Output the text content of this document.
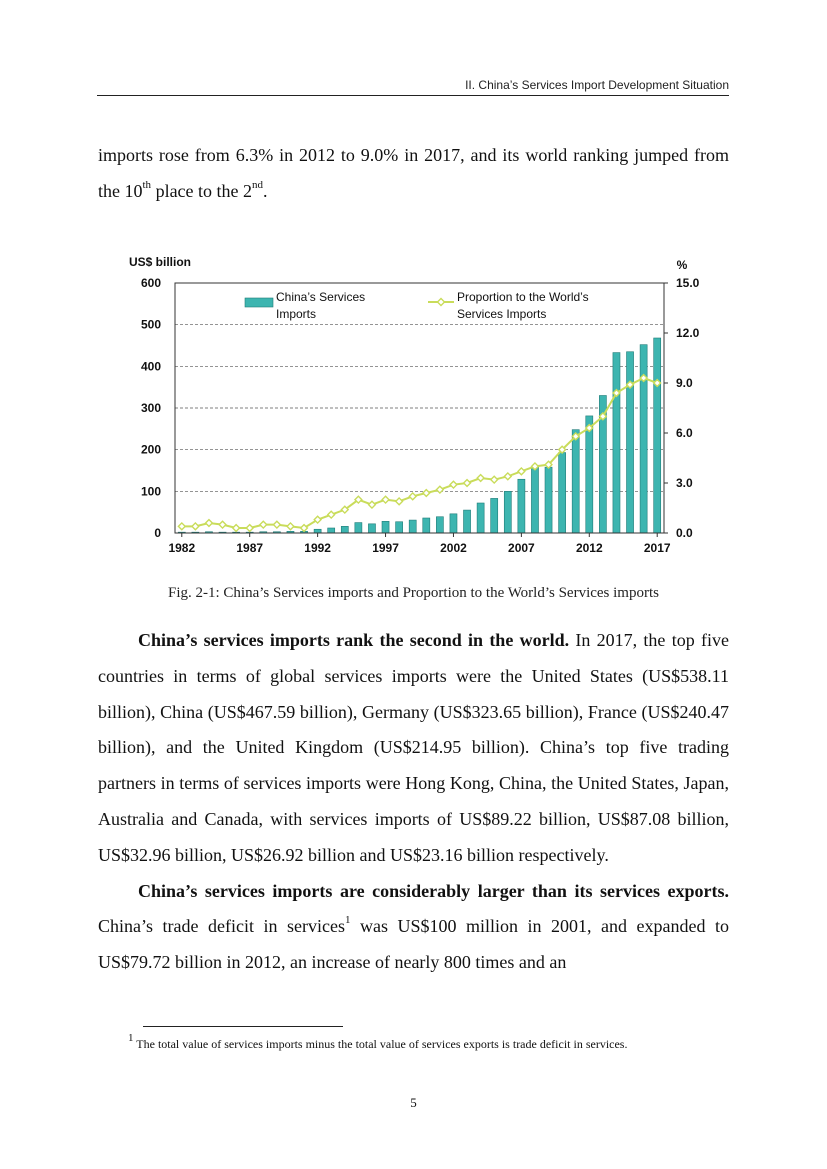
II. China’s Services Import Development Situation

imports rose from 6.3% in 2012 to 9.0% in 2017, and its world ranking jumped from the 10th place to the 2nd.

0
100
200
300
400
500
600
0.0
3.0
6.0
9.0
12.0
15.0
US$ billion	%
1982	1987	1992	1997	2002	2007	2012	2017
China’s Services Imports
Proportion to the World’s Services Imports
Fig. 2-1: China’s Services imports and Proportion to the World’s Services imports

China’s services imports rank the second in the world. In 2017, the top five countries in terms of global services imports were the United States (US$538.11 billion), China (US$467.59 billion), Germany (US$323.65 billion), France (US$240.47 billion), and the United Kingdom (US$214.95 billion). China’s top five trading partners in terms of services imports were Hong Kong, China, the United States, Japan, Australia and Canada, with services imports of US$89.22 billion, US$87.08 billion, US$32.96 billion, US$26.92 billion and US$23.16 billion respectively.

China’s services imports are considerably larger than its services exports. China’s trade deficit in services$^1$ was US$100 million in 2001, and expanded to US$79.72 billion in 2012, an increase of nearly 800 times and an

$^1$ The total value of services imports minus the total value of services exports is trade deficit in services.
5
